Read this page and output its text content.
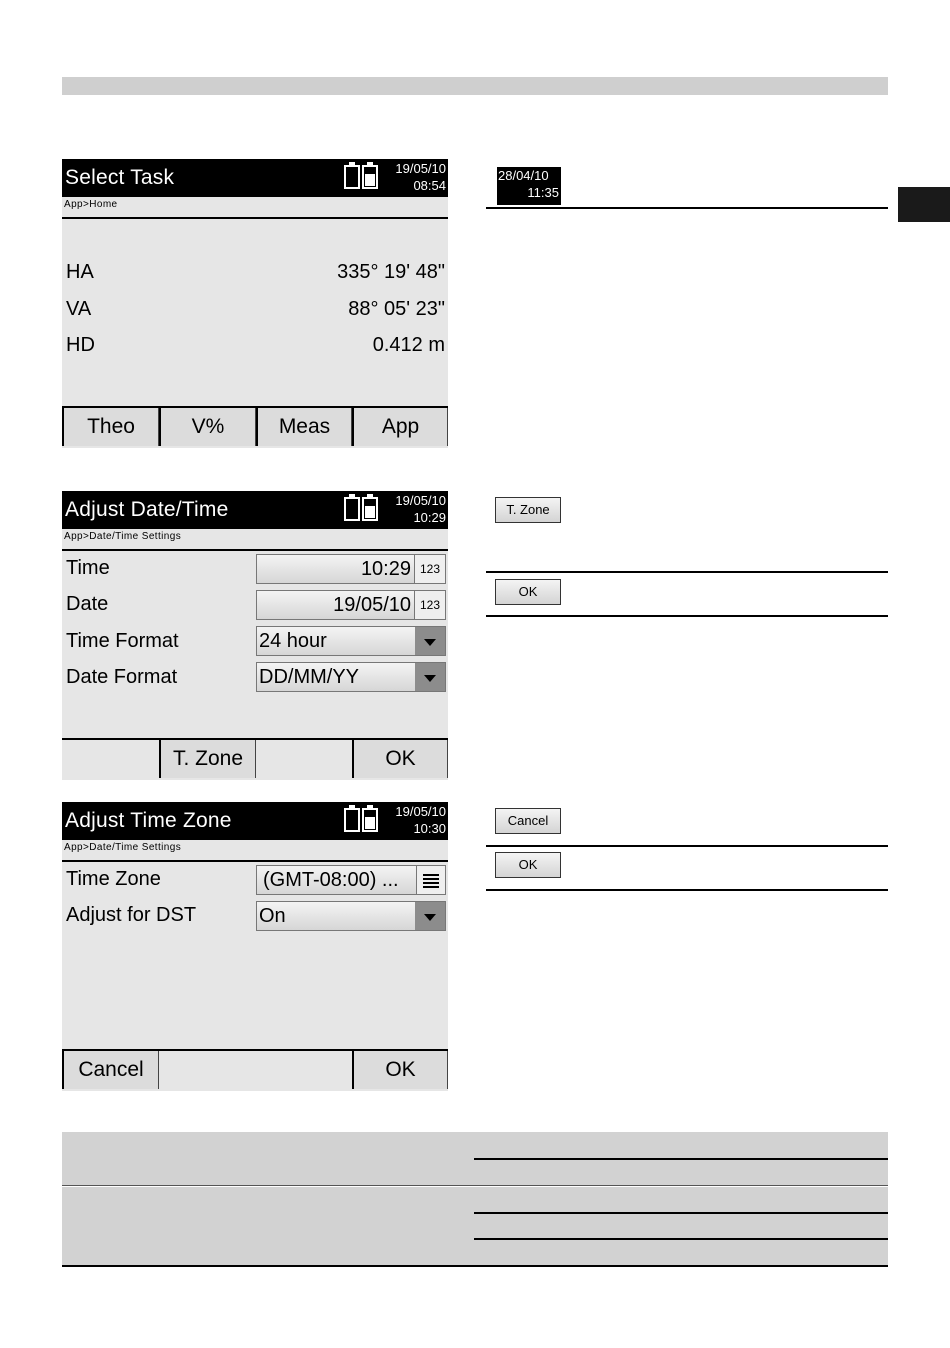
Select Task	19/05/10
08:54
App>Home
HA	335° 19' 48"
VA	88° 05' 23"
HD	0.412 m
Theo	V%	Meas	App
Adjust Date/Time	19/05/10
10:29
App>Date/Time Settings
Time	10:29 123
Date	19/05/10 123
Time Format	24 hour
Date Format	DD/MM/YY
T. Zone	OK
Adjust Time Zone	19/05/10
10:30
App>Date/Time Settings
Time Zone	(GMT-08:00) ...
Adjust for DST	On
Cancel	OK
28/04/10
11:35
T. Zone
OK
Cancel
OK
